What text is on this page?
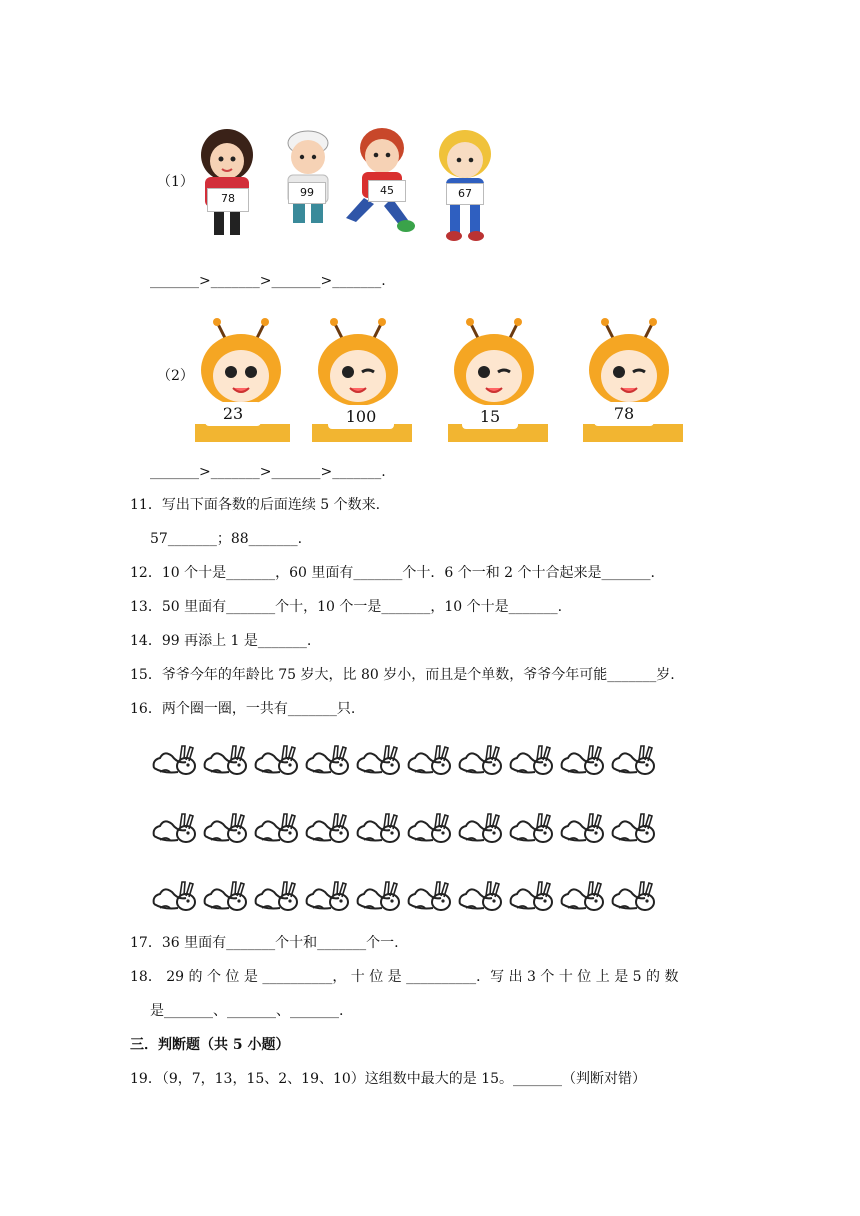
（1）
78	99	45	67
_______>_______>_______>_______.
（2）
23	100	15	78
_______>_______>_______>_______.
11．写出下面各数的后面连续 5 个数来.
57_______；88_______.
12．10 个十是_______，60 里面有_______个十．6 个一和 2 个十合起来是_______.
13．50 里面有_______个十，10 个一是_______，10 个十是_______.
14．99 再添上 1 是_______.
15．爷爷今年的年龄比 75 岁大，比 80 岁小，而且是个单数，爷爷今年可能_______岁.
16．两个圈一圈，一共有_______只.
17．36 里面有_______个十和_______个一.
18． 29 的 个 位 是 __________， 十 位 是 __________．写 出 3 个 十 位 上 是 5 的 数
是_______、_______、_______.
三．判断题（共 5 小题）
19．（9，7，13，15、2、19、10）这组数中最大的是 15。_______（判断对错）
